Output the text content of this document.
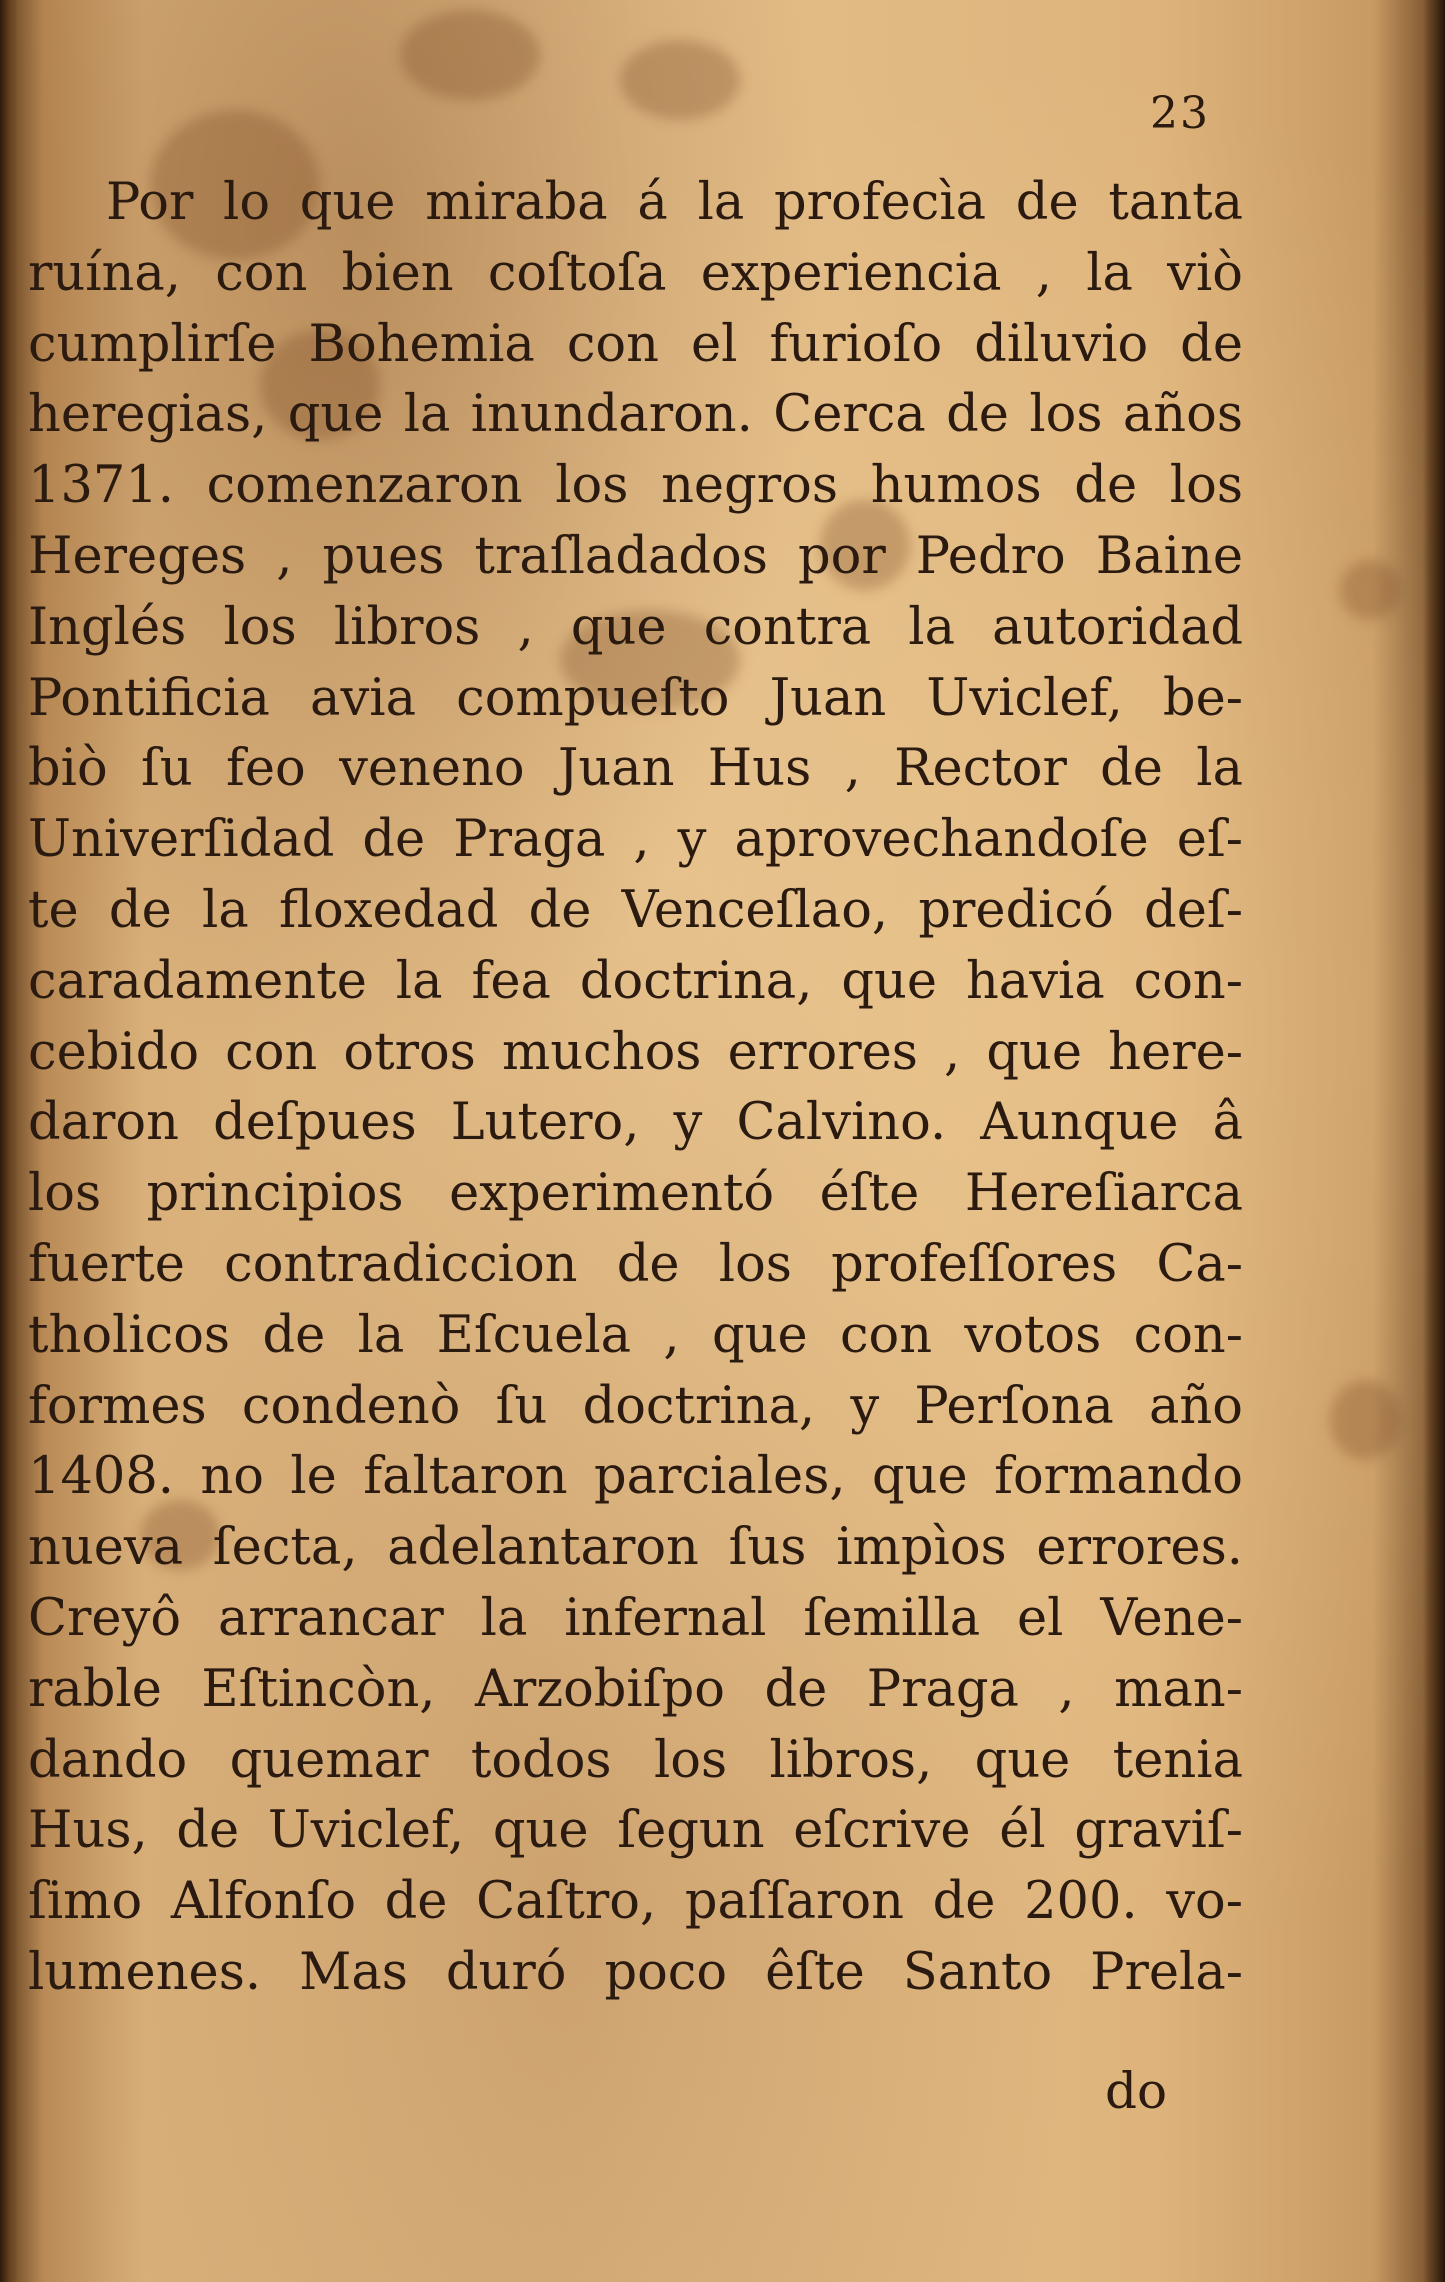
23
Por lo que miraba á la profecìa de tanta
ruína, con bien coſtoſa experiencia , la viò
cumplirſe Bohemia con el furioſo diluvio de
heregias, que la inundaron. Cerca de los años
1371. comenzaron los negros humos de los
Hereges , pues traſladados por Pedro Baine
Inglés los libros , que contra la autoridad
Pontificia avia compueſto Juan Uviclef, be-
biò ſu feo veneno Juan Hus , Rector de la
Univerſidad de Praga , y aprovechandoſe eſ-
te de la floxedad de Venceſlao, predicó deſ-
caradamente la fea doctrina, que havia con-
cebido con otros muchos errores , que here-
daron deſpues Lutero, y Calvino. Aunque â
los principios experimentó éſte Hereſiarca
fuerte contradiccion de los profeſſores Ca-
tholicos de la Eſcuela , que con votos con-
formes condenò ſu doctrina, y Perſona año
1408. no le faltaron parciales, que formando
nueva ſecta, adelantaron ſus impìos errores.
Creyô arrancar la infernal ſemilla el Vene-
rable Eſtincòn, Arzobiſpo de Praga , man-
dando quemar todos los libros, que tenia
Hus, de Uviclef, que ſegun eſcrive él graviſ-
ſimo Alfonſo de Caſtro, paſſaron de 200. vo-
lumenes. Mas duró poco êſte Santo Prela-
do
